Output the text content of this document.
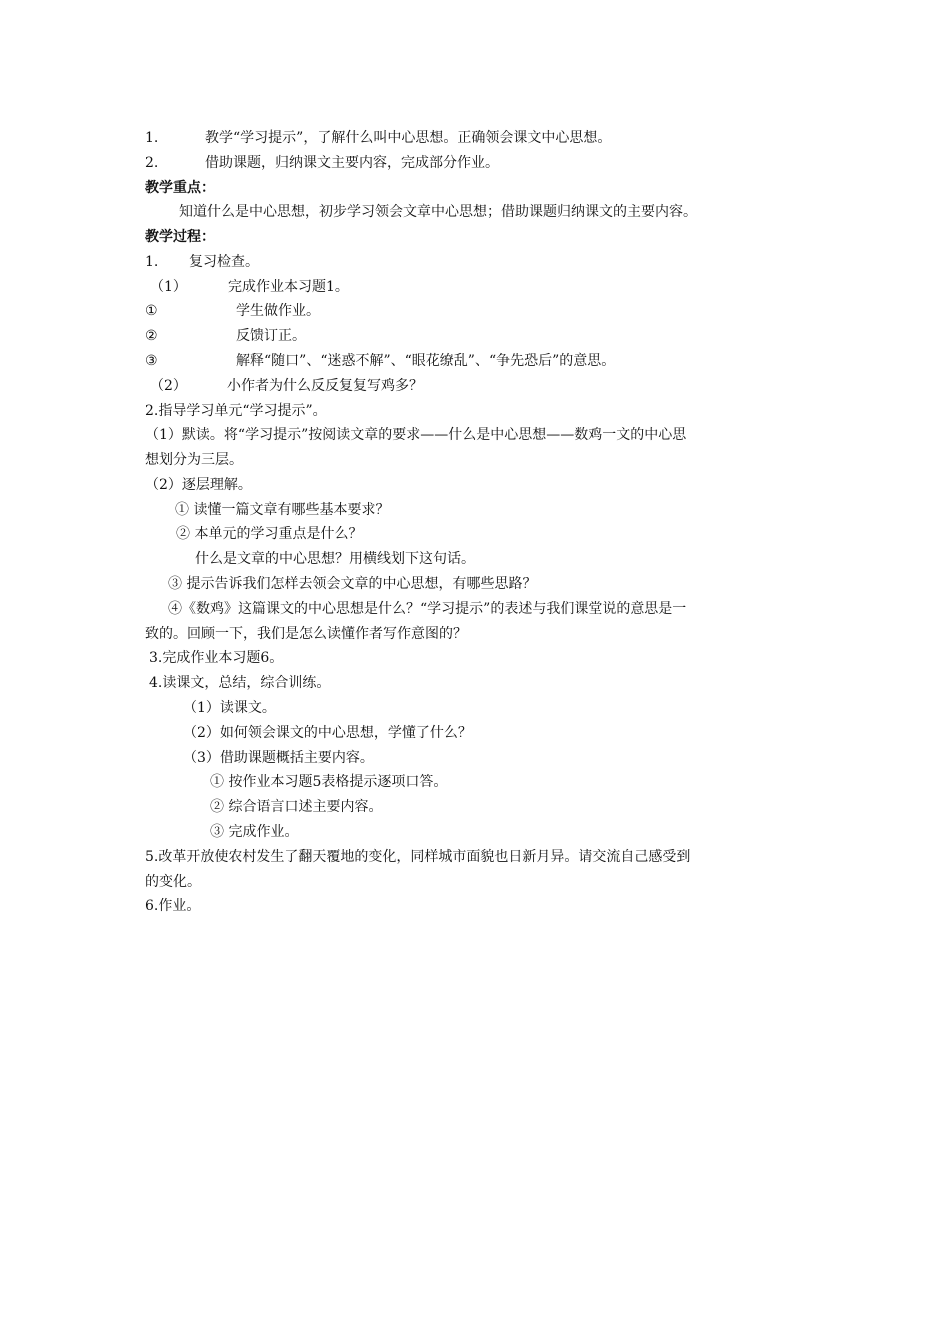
1.	教学“学习提示”，了解什么叫中心思想。正确领会课文中心思想。
2.	借助课题，归纳课文主要内容，完成部分作业。
教学重点：
知道什么是中心思想，初步学习领会文章中心思想；借助课题归纳课文的主要内容。
教学过程：
1. 复习检查。
（1）	完成作业本习题1。
①	学生做作业。
②	反馈订正。
③	解释“随口”、“迷惑不解”、“眼花缭乱”、“争先恐后”的意思。
（2）	小作者为什么反反复复写鸡多？
2.指导学习单元“学习提示”。
（1）默读。将“学习提示”按阅读文章的要求——什么是中心思想——数鸡一文的中心思
想划分为三层。
（2）逐层理解。
① 读懂一篇文章有哪些基本要求？
② 本单元的学习重点是什么？
什么是文章的中心思想？用横线划下这句话。
③ 提示告诉我们怎样去领会文章的中心思想，有哪些思路？
④《数鸡》这篇课文的中心思想是什么？“学习提示”的表述与我们课堂说的意思是一
致的。回顾一下，我们是怎么读懂作者写作意图的？
3.完成作业本习题6。
4.读课文，总结，综合训练。
（1）读课文。
（2）如何领会课文的中心思想，学懂了什么？
（3）借助课题概括主要内容。
① 按作业本习题5表格提示逐项口答。
② 综合语言口述主要内容。
③ 完成作业。
5.改革开放使农村发生了翻天覆地的变化，同样城市面貌也日新月异。请交流自己感受到
的变化。
6.作业。
